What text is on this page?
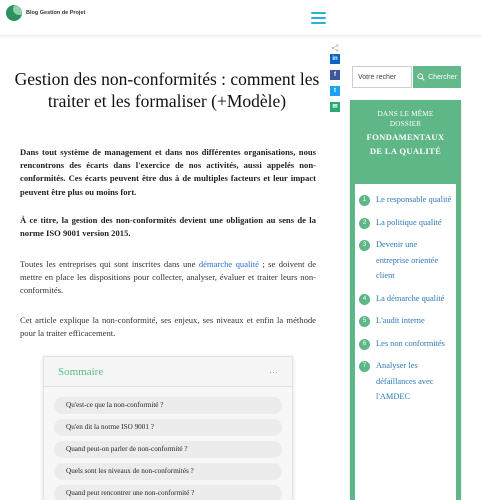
Blog Gestion de Projet
Gestion des non-conformités : comment les traiter et les formaliser (+Modèle)
in
f
t
✉

Dans tout système de management et dans nos différentes organisations, nous rencontrons des écarts dans l'exercice de nos activités, aussi appelés non-conformités. Ces écarts peuvent être dus à de multiples facteurs et leur impact peuvent être plus ou moins fort.

À ce titre, la gestion des non-conformités devient une obligation au sens de la norme ISO 9001 version 2015.

Toutes les entreprises qui sont inscrites dans une démarche qualité ; se doivent de mettre en place les dispositions pour collecter, analyser, évaluer et traiter leurs non-conformités.

Cet article explique la non-conformité, ses enjeux, ses niveaux et enfin la méthode pour la traiter efficacement.

Sommaire	···
Qu'est-ce que la non-conformité ?
Qu'en dit la norme ISO 9001 ?
Quand peut-on parler de non-conformité ?
Quels sont les niveaux de non-conformités ?
Quand peut rencontrer une non-conformité ?
Votre recher
Chercher
DANS LE MÊME
DOSSIER
FONDAMENTAUX
DE LA QUALITÉ
1	Le responsable qualité
2	La politique qualité
3	Devenir une entreprise orientée client
4	La démarche qualité
5	L'audit interne
6	Les non conformités
7	Analyser les défaillances avec l'AMDEC
